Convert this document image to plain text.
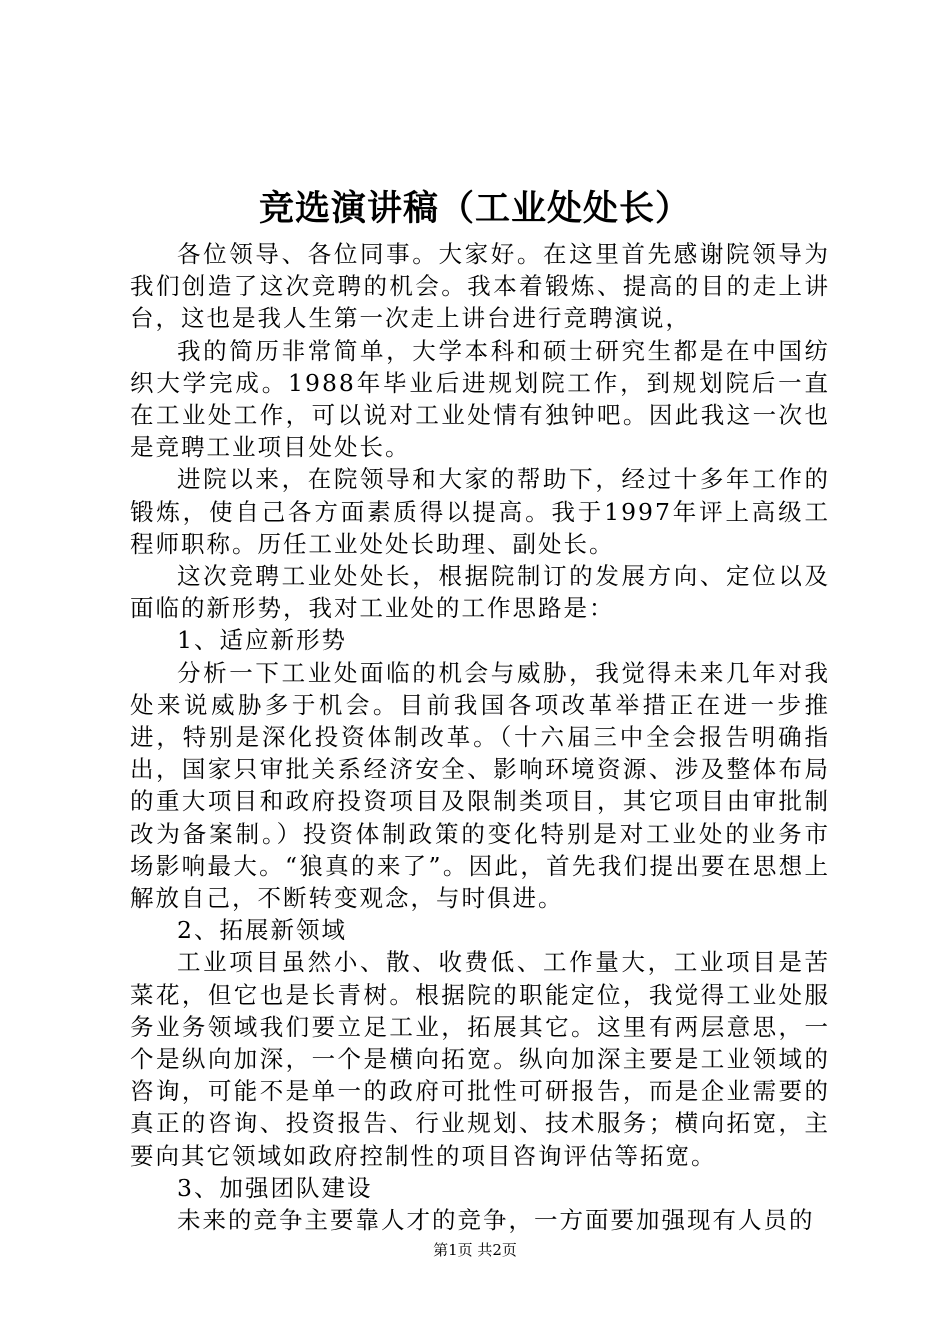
竞选演讲稿（工业处处长）

各位领导、各位同事。大家好。在这里首先感谢院领导为我们创造了这次竞聘的机会。我本着锻炼、提高的目的走上讲台，这也是我人生第一次走上讲台进行竞聘演说，

我的简历非常简单，大学本科和硕士研究生都是在中国纺织大学完成。1988年毕业后进规划院工作，到规划院后一直在工业处工作，可以说对工业处情有独钟吧。因此我这一次也是竞聘工业项目处处长。

进院以来，在院领导和大家的帮助下，经过十多年工作的锻炼，使自己各方面素质得以提高。我于1997年评上高级工程师职称。历任工业处处长助理、副处长。

这次竞聘工业处处长，根据院制订的发展方向、定位以及面临的新形势，我对工业处的工作思路是：

1、适应新形势

分析一下工业处面临的机会与威胁，我觉得未来几年对我处来说威胁多于机会。目前我国各项改革举措正在进一步推进，特别是深化投资体制改革。（十六届三中全会报告明确指出，国家只审批关系经济安全、影响环境资源、涉及整体布局的重大项目和政府投资项目及限制类项目，其它项目由审批制改为备案制。）投资体制政策的变化特别是对工业处的业务市场影响最大。“狼真的来了”。因此，首先我们提出要在思想上解放自己，不断转变观念，与时俱进。

2、拓展新领域

工业项目虽然小、散、收费低、工作量大，工业项目是苦菜花，但它也是长青树。根据院的职能定位，我觉得工业处服务业务领域我们要立足工业，拓展其它。这里有两层意思，一个是纵向加深，一个是横向拓宽。纵向加深主要是工业领域的咨询，可能不是单一的政府可批性可研报告，而是企业需要的真正的咨询、投资报告、行业规划、技术服务；横向拓宽，主要向其它领域如政府控制性的项目咨询评估等拓宽。

3、加强团队建设

未来的竞争主要靠人才的竞争，一方面要加强现有人员的

第1页 共2页
